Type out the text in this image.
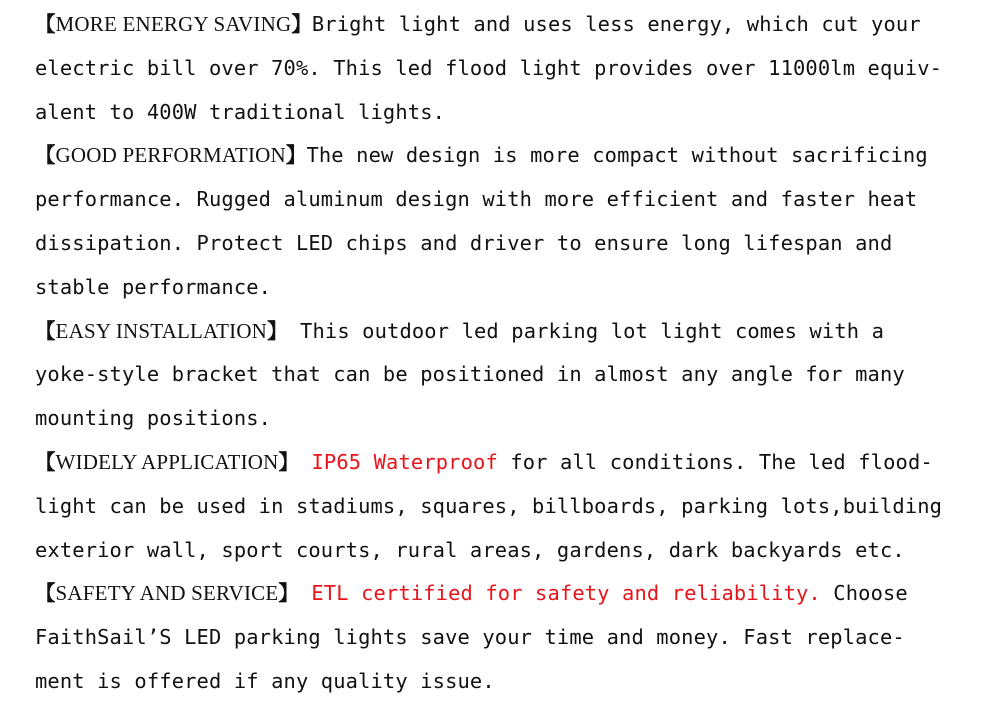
【MORE ENERGY SAVING】Bright light and uses less energy, which cut your
electric bill over 70%. This led flood light provides over 11000lm equiv-
alent to 400W traditional lights.
【GOOD PERFORMATION】The new design is more compact without sacrificing
performance. Rugged aluminum design with more efficient and faster heat
dissipation. Protect LED chips and driver to ensure long lifespan and
stable performance.
【EASY INSTALLATION】 This outdoor led parking lot light comes with a
yoke-style bracket that can be positioned in almost any angle for many
mounting positions.
【WIDELY APPLICATION】 IP65 Waterproof for all conditions. The led flood-
light can be used in stadiums, squares, billboards, parking lots,building
exterior wall, sport courts, rural areas, gardens, dark backyards etc.
【SAFETY AND SERVICE】 ETL certified for safety and reliability. Choose
FaithSail’S LED parking lights save your time and money. Fast replace-
ment is offered if any quality issue.
